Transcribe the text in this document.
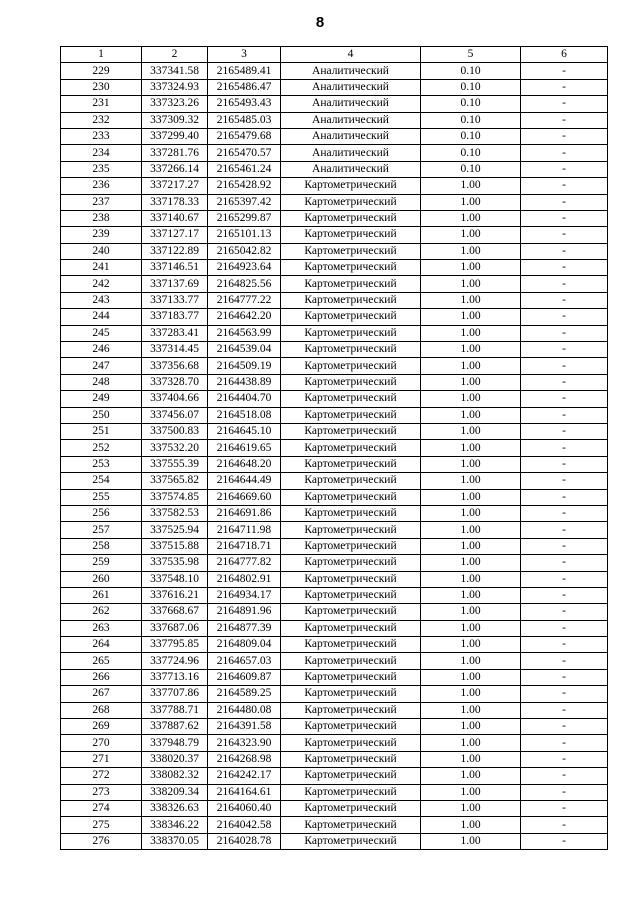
8
1	2	3	4	5	6
229	337341.58	2165489.41	Аналитический	0.10	-
230	337324.93	2165486.47	Аналитический	0.10	-
231	337323.26	2165493.43	Аналитический	0.10	-
232	337309.32	2165485.03	Аналитический	0.10	-
233	337299.40	2165479.68	Аналитический	0.10	-
234	337281.76	2165470.57	Аналитический	0.10	-
235	337266.14	2165461.24	Аналитический	0.10	-
236	337217.27	2165428.92	Картометрический	1.00	-
237	337178.33	2165397.42	Картометрический	1.00	-
238	337140.67	2165299.87	Картометрический	1.00	-
239	337127.17	2165101.13	Картометрический	1.00	-
240	337122.89	2165042.82	Картометрический	1.00	-
241	337146.51	2164923.64	Картометрический	1.00	-
242	337137.69	2164825.56	Картометрический	1.00	-
243	337133.77	2164777.22	Картометрический	1.00	-
244	337183.77	2164642.20	Картометрический	1.00	-
245	337283.41	2164563.99	Картометрический	1.00	-
246	337314.45	2164539.04	Картометрический	1.00	-
247	337356.68	2164509.19	Картометрический	1.00	-
248	337328.70	2164438.89	Картометрический	1.00	-
249	337404.66	2164404.70	Картометрический	1.00	-
250	337456.07	2164518.08	Картометрический	1.00	-
251	337500.83	2164645.10	Картометрический	1.00	-
252	337532.20	2164619.65	Картометрический	1.00	-
253	337555.39	2164648.20	Картометрический	1.00	-
254	337565.82	2164644.49	Картометрический	1.00	-
255	337574.85	2164669.60	Картометрический	1.00	-
256	337582.53	2164691.86	Картометрический	1.00	-
257	337525.94	2164711.98	Картометрический	1.00	-
258	337515.88	2164718.71	Картометрический	1.00	-
259	337535.98	2164777.82	Картометрический	1.00	-
260	337548.10	2164802.91	Картометрический	1.00	-
261	337616.21	2164934.17	Картометрический	1.00	-
262	337668.67	2164891.96	Картометрический	1.00	-
263	337687.06	2164877.39	Картометрический	1.00	-
264	337795.85	2164809.04	Картометрический	1.00	-
265	337724.96	2164657.03	Картометрический	1.00	-
266	337713.16	2164609.87	Картометрический	1.00	-
267	337707.86	2164589.25	Картометрический	1.00	-
268	337788.71	2164480.08	Картометрический	1.00	-
269	337887.62	2164391.58	Картометрический	1.00	-
270	337948.79	2164323.90	Картометрический	1.00	-
271	338020.37	2164268.98	Картометрический	1.00	-
272	338082.32	2164242.17	Картометрический	1.00	-
273	338209.34	2164164.61	Картометрический	1.00	-
274	338326.63	2164060.40	Картометрический	1.00	-
275	338346.22	2164042.58	Картометрический	1.00	-
276	338370.05	2164028.78	Картометрический	1.00	-
